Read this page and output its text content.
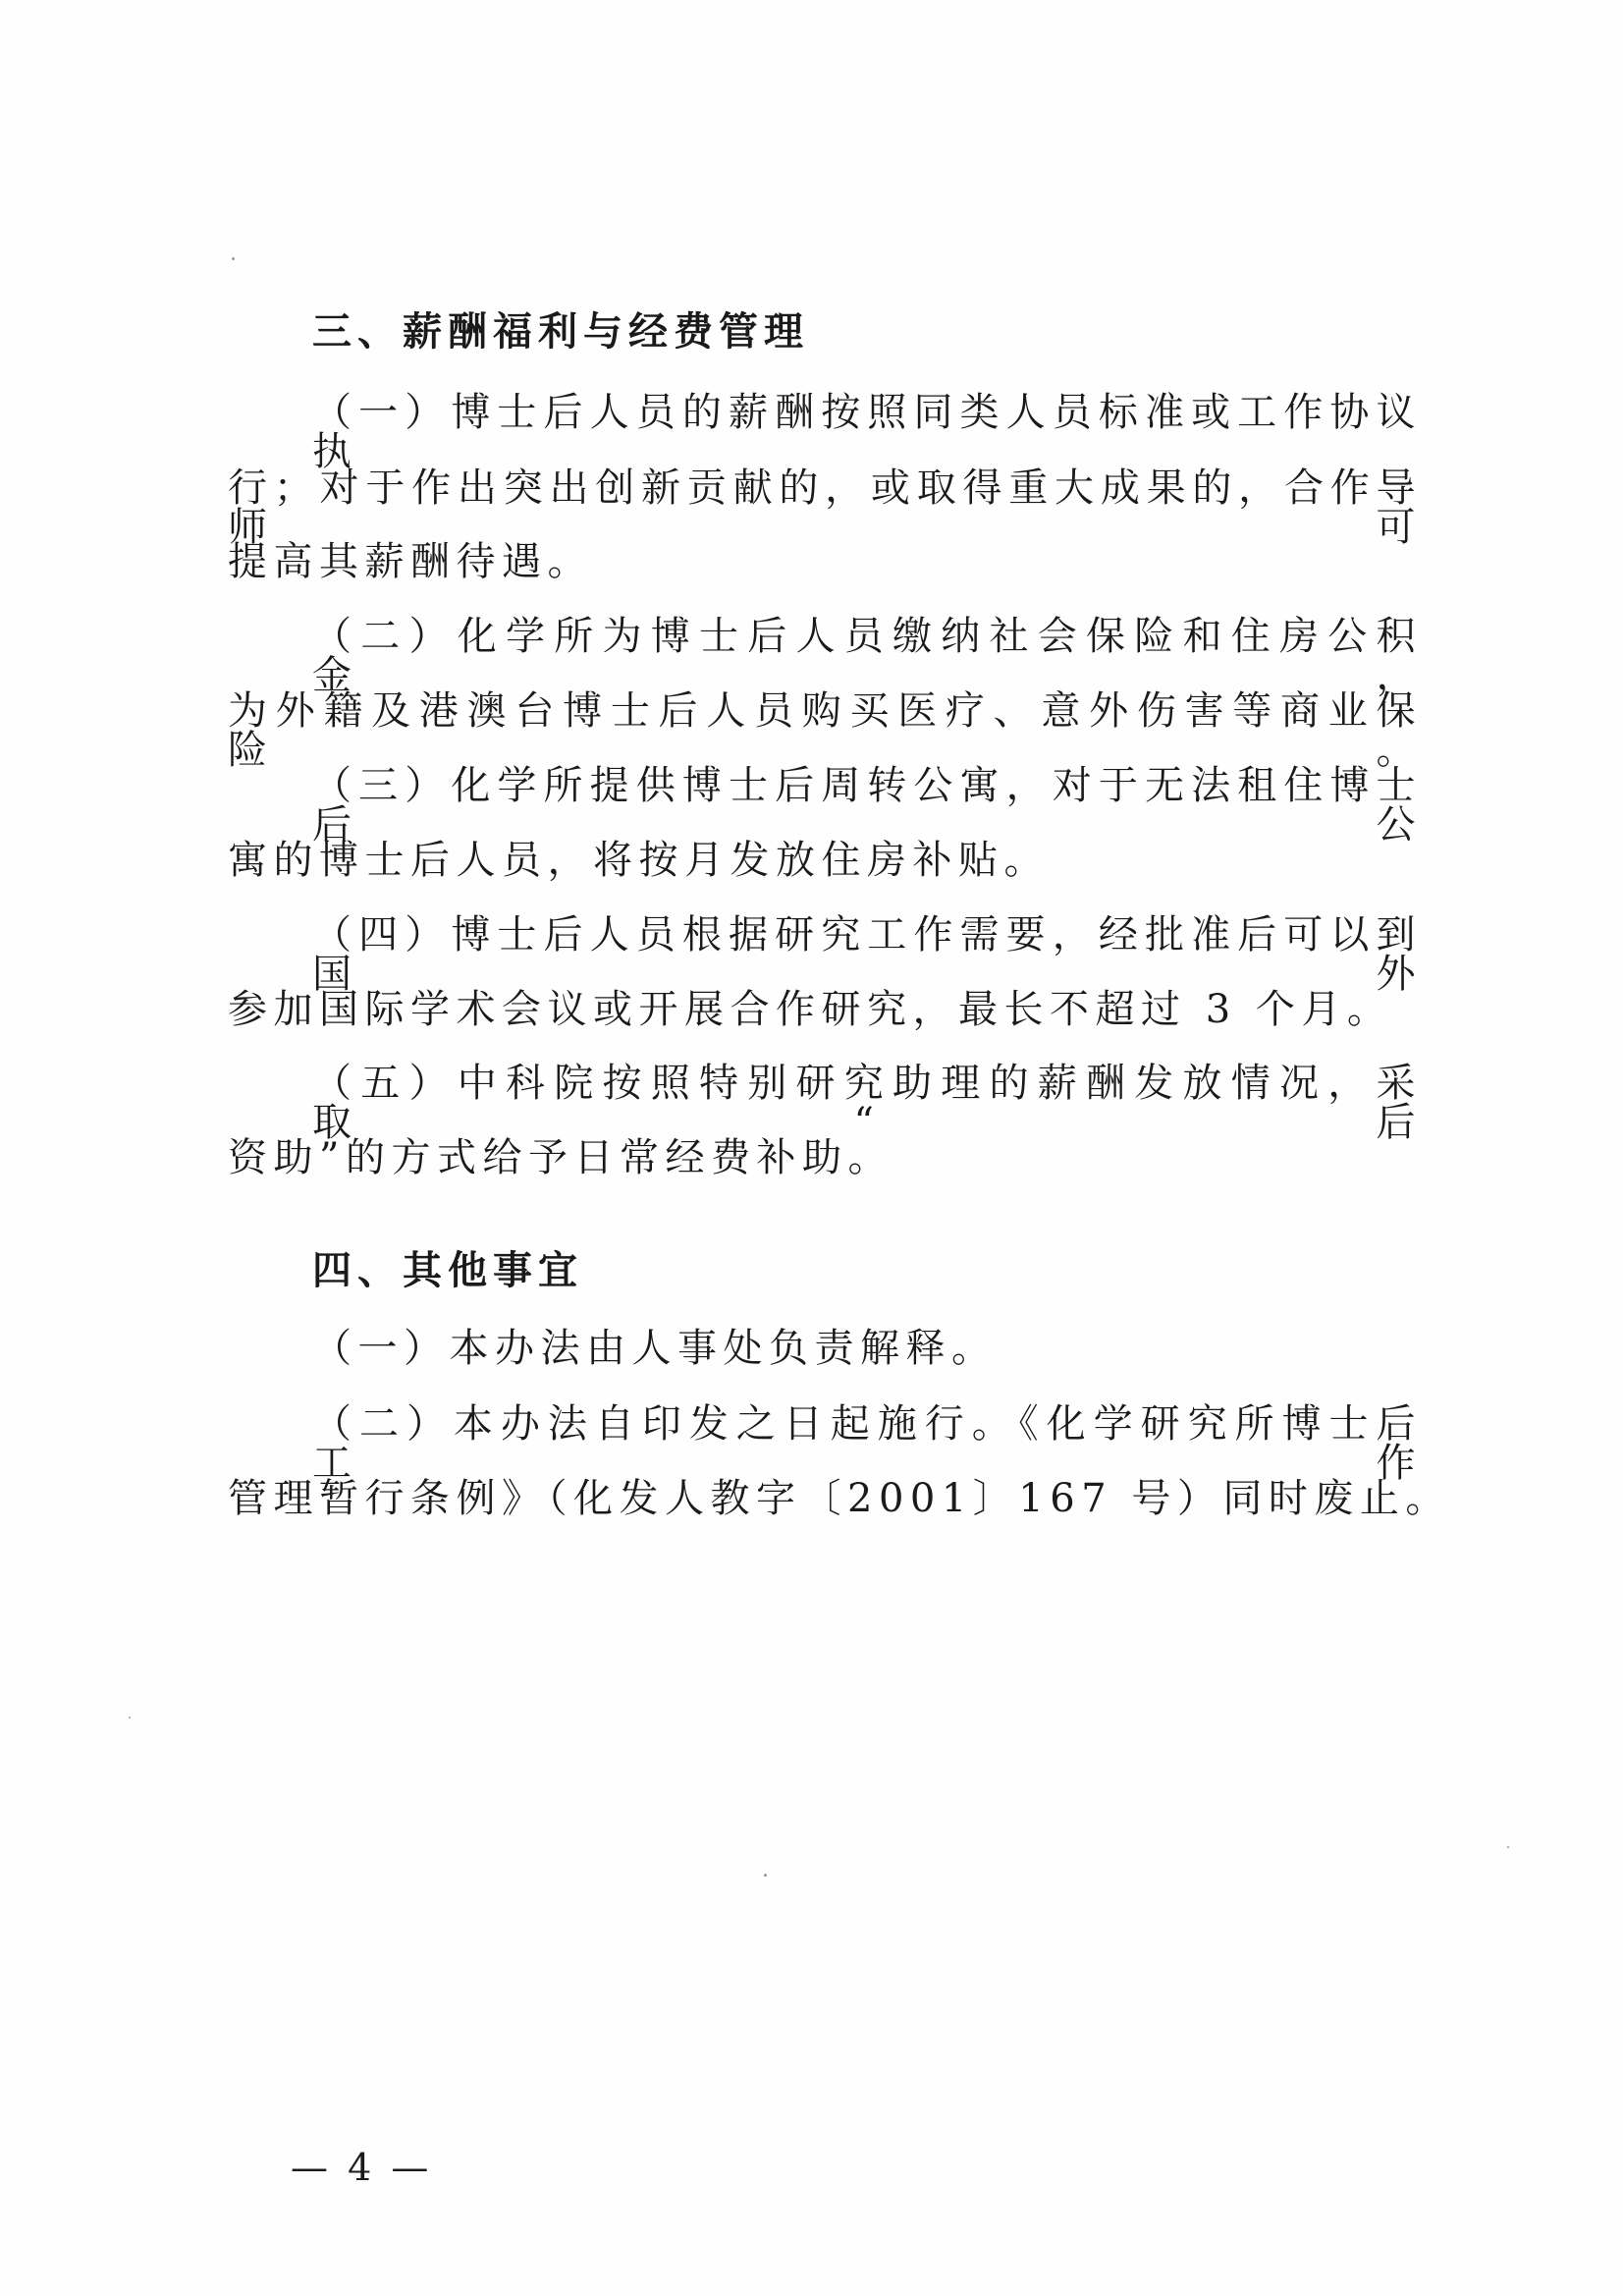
三、薪酬福利与经费管理
（一）博士后人员的薪酬按照同类人员标准或工作协议执
行；对于作出突出创新贡献的，或取得重大成果的，合作导师可
提高其薪酬待遇。
（二）化学所为博士后人员缴纳社会保险和住房公积金，
为外籍及港澳台博士后人员购买医疗、意外伤害等商业保险。
（三）化学所提供博士后周转公寓，对于无法租住博士后公
寓的博士后人员，将按月发放住房补贴。
（四）博士后人员根据研究工作需要，经批准后可以到国外
参加国际学术会议或开展合作研究，最长不超过 3 个月。
（五）中科院按照特别研究助理的薪酬发放情况，采取“后
资助”的方式给予日常经费补助。
四、其他事宜
（一）本办法由人事处负责解释。
（二）本办法自印发之日起施行。《化学研究所博士后工作
管理暂行条例》（化发人教字〔2001〕167 号）同时废止。
— 4 —
